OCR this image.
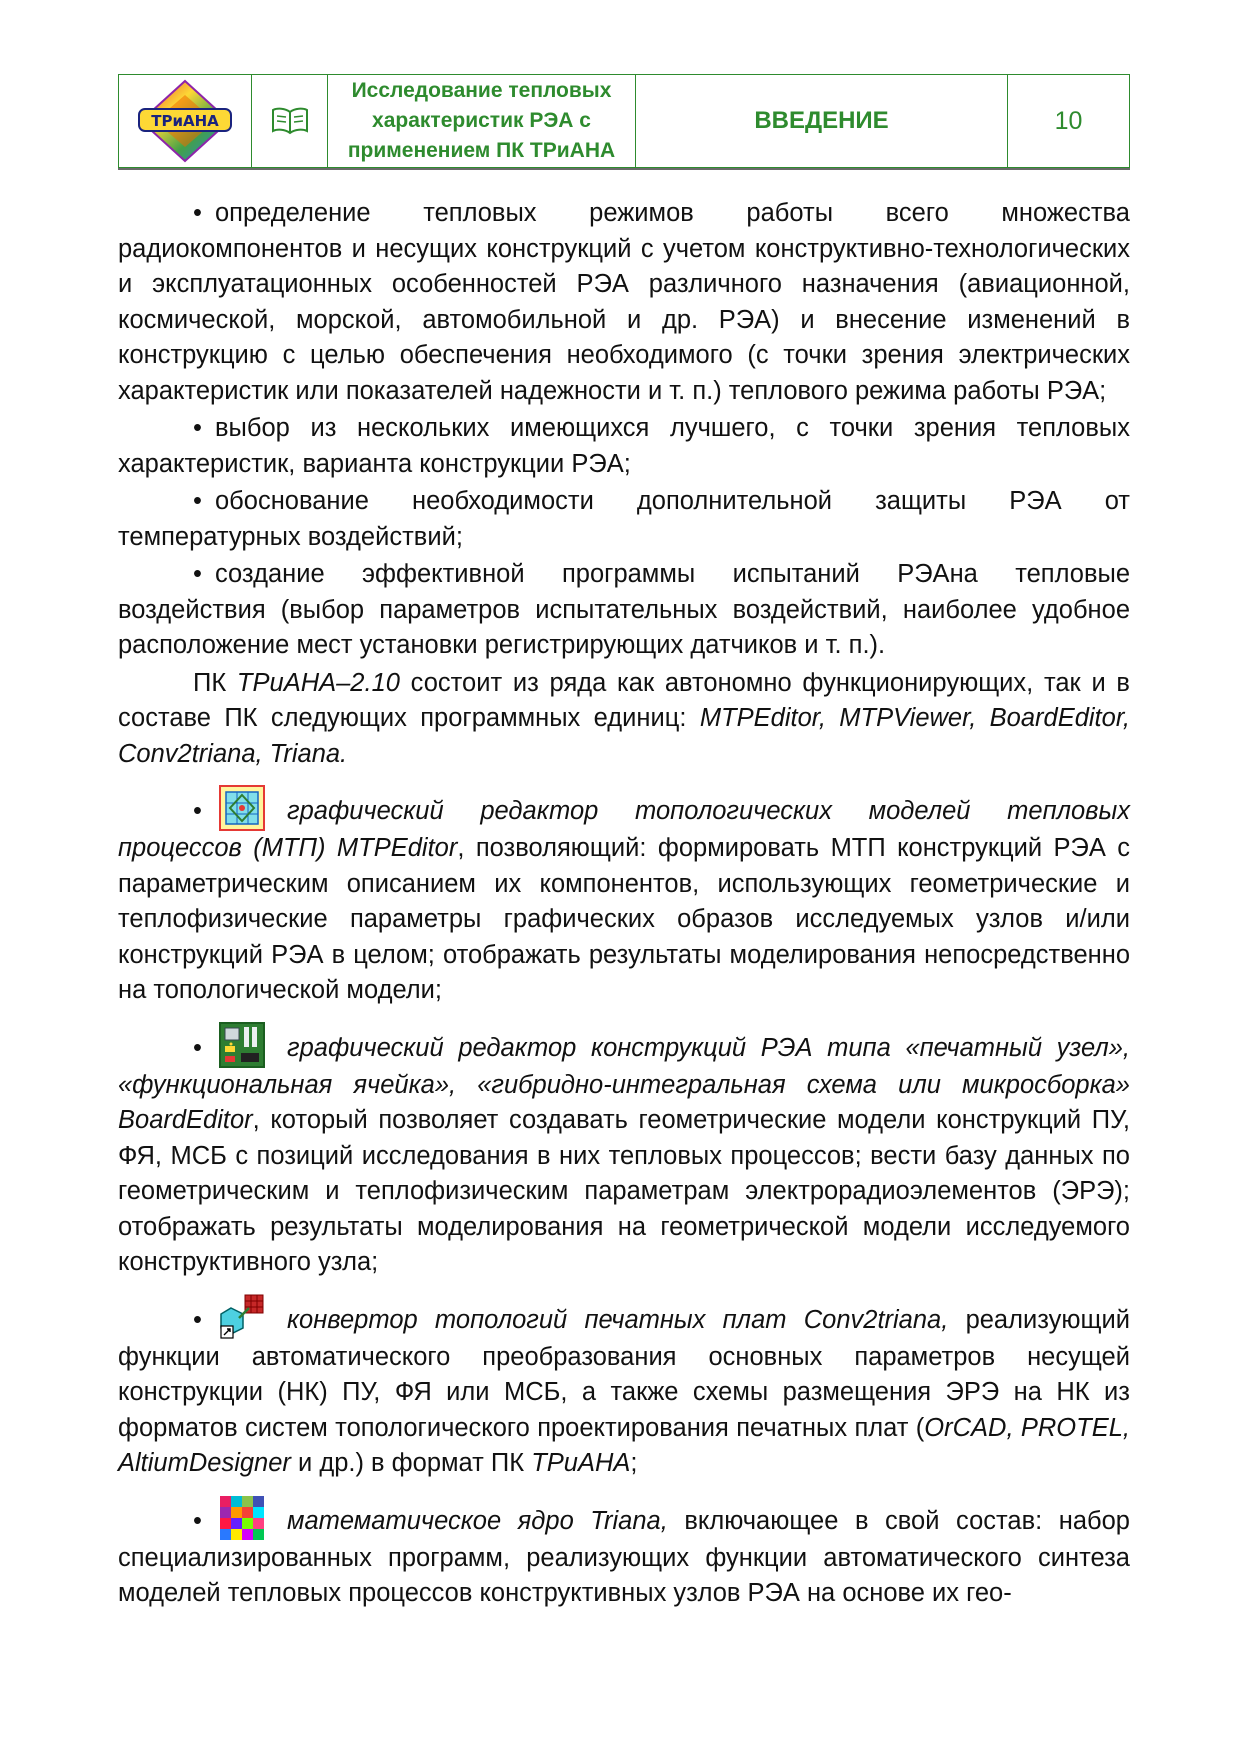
ТРиАНА
Исследование тепловых
характеристик РЭА с
применением ПК ТРиАНА
ВВЕДЕНИЕ	10

• определение тепловых режимов работы всего множества радиокомпонентов и несущих конструкций с учетом конструктивно-технологических и эксплуатационных особенностей РЭА различного назначения (авиационной, космической, морской, автомобильной и др. РЭА) и внесение изменений в конструкцию с целью обеспечения необходимого (с точки зрения электрических характеристик или показателей надежности и т. п.) теплового режима работы РЭА;

• выбор из нескольких имеющихся лучшего, с точки зрения тепловых характеристик, варианта конструкции РЭА;

• обоснование необходимости дополнительной защиты РЭА от температурных воздействий;

• создание эффективной программы испытаний РЭАна тепловые воздействия (выбор параметров испытательных воздействий, наиболее удобное расположение мест установки регистрирующих датчиков и т. п.).

ПК ТРиАНА–2.10 состоит из ряда как автономно функционирующих, так и в составе ПК следующих программных единиц: MTPEditor, MTPViewer, BoardEditor, Conv2triana, Triana.

•	графический редактор топологических моделей тепловых процессов (МТП) MTPEditor, позволяющий: формировать МТП конструкций РЭА с параметрическим описанием их компонентов, использующих геометрические и теплофизические параметры графических образов исследуемых узлов и/или конструкций РЭА в целом; отображать результаты моделирования непосредственно на топологической модели;

•	графический редактор конструкций РЭА типа «печатный узел», «функциональная ячейка», «гибридно-интегральная схема или микросборка» BoardEditor, который позволяет создавать геометрические модели конструкций ПУ, ФЯ, МСБ с позиций исследования в них тепловых процессов; вести базу данных по геометрическим и теплофизическим параметрам электрорадиоэлементов (ЭРЭ); отображать результаты моделирования на геометрической модели исследуемого конструктивного узла;

•	конвертор топологий печатных плат Conv2triana, реализующий функции автоматического преобразования основных параметров несущей конструкции (НК) ПУ, ФЯ или МСБ, а также схемы размещения ЭРЭ на НК из форматов систем топологического проектирования печатных плат (OrCAD, PROTEL, AltiumDesigner и др.) в формат ПК ТРиАНА;

•	математическое ядро Triana, включающее в свой состав: набор специализированных программ, реализующих функции автоматического синтеза моделей тепловых процессов конструктивных узлов РЭА на основе их гео-
